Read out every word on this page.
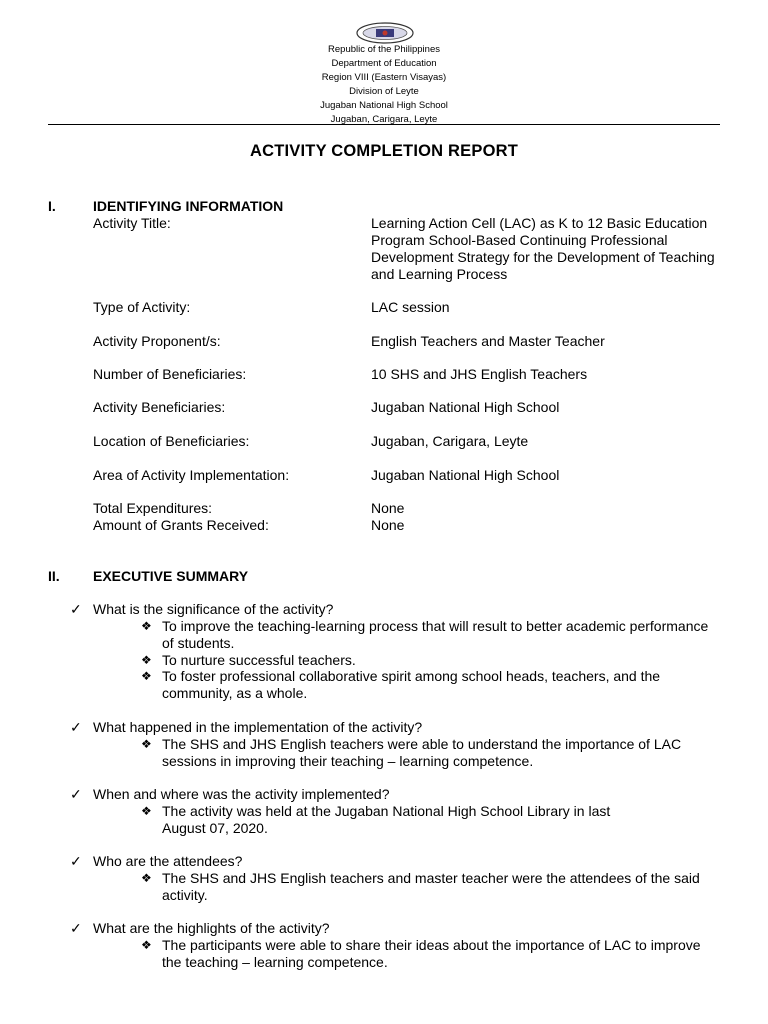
Republic of the Philippines
Department of Education
Region VIII (Eastern Visayas)
Division of Leyte
Jugaban National High School
Jugaban, Carigara, Leyte
ACTIVITY COMPLETION REPORT
I.	IDENTIFYING INFORMATION
Activity Title:	Learning Action Cell (LAC) as K to 12 Basic Education Program School-Based Continuing Professional Development Strategy for the Development of Teaching and Learning Process
Type of Activity:	LAC session
Activity Proponent/s:	English Teachers and Master Teacher
Number of Beneficiaries:	10 SHS and JHS English Teachers
Activity Beneficiaries:	Jugaban National High School
Location of Beneficiaries:	Jugaban, Carigara, Leyte
Area of Activity Implementation:	Jugaban National High School
Total Expenditures:	None
Amount of Grants Received:	None
II. EXECUTIVE SUMMARY
✓ What is the significance of the activity?
❖ To improve the teaching-learning process that will result to better academic performance of students.
❖ To nurture successful teachers.
❖ To foster professional collaborative spirit among school heads, teachers, and the community, as a whole.
✓ What happened in the implementation of the activity?
❖ The SHS and JHS English teachers were able to understand the importance of LAC sessions in improving their teaching – learning competence.
✓ When and where was the activity implemented?
❖ The activity was held at the Jugaban National High School Library in last August 07, 2020.
✓ Who are the attendees?
❖ The SHS and JHS English teachers and master teacher were the attendees of the said activity.
✓ What are the highlights of the activity?
❖ The participants were able to share their ideas about the importance of LAC to improve the teaching – learning competence.
